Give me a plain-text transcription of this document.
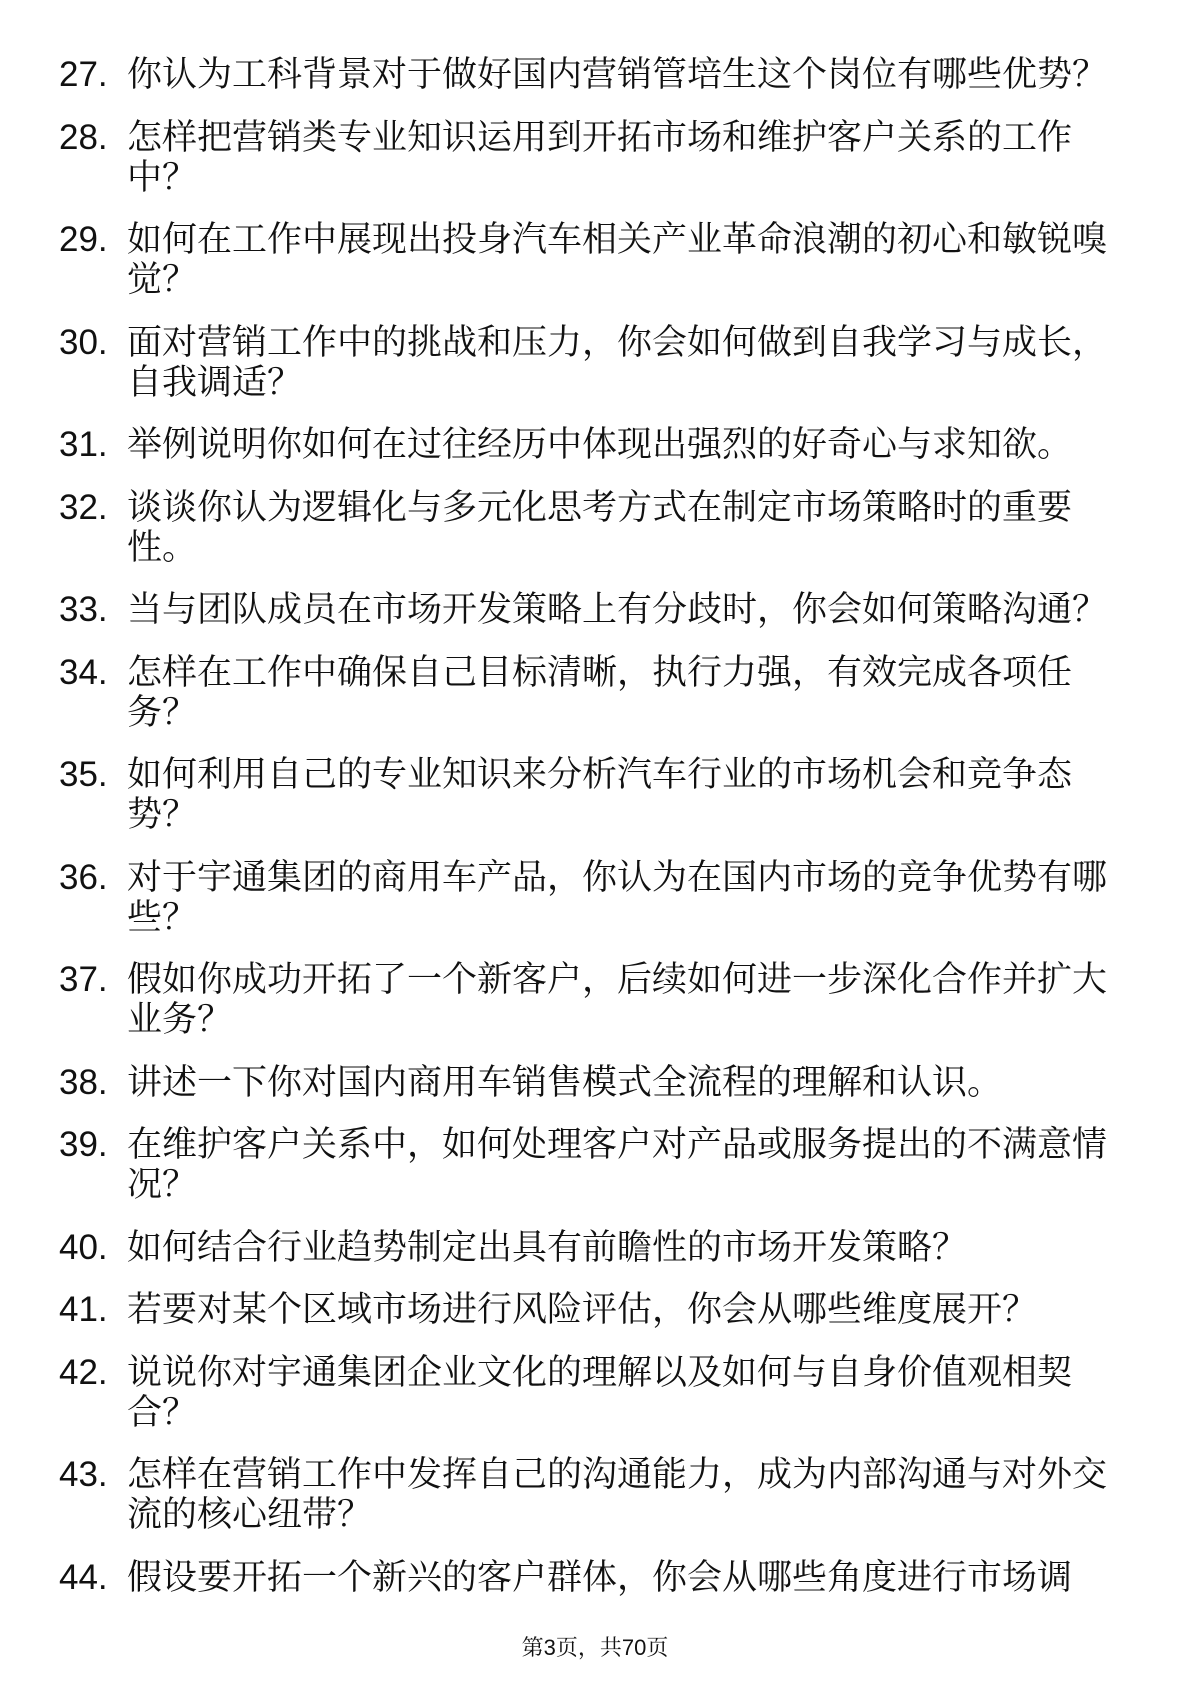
27. 你认为工科背景对于做好国内营销管培生这个岗位有哪些优势？
28. 怎样把营销类专业知识运用到开拓市场和维护客户关系的工作
中？
29. 如何在工作中展现出投身汽车相关产业革命浪潮的初心和敏锐嗅
觉？
30. 面对营销工作中的挑战和压力，你会如何做到自我学习与成长，
自我调适？
31. 举例说明你如何在过往经历中体现出强烈的好奇心与求知欲。
32. 谈谈你认为逻辑化与多元化思考方式在制定市场策略时的重要
性。
33. 当与团队成员在市场开发策略上有分歧时，你会如何策略沟通？
34. 怎样在工作中确保自己目标清晰，执行力强，有效完成各项任
务？
35. 如何利用自己的专业知识来分析汽车行业的市场机会和竞争态
势？
36. 对于宇通集团的商用车产品，你认为在国内市场的竞争优势有哪
些？
37. 假如你成功开拓了一个新客户，后续如何进一步深化合作并扩大
业务？
38. 讲述一下你对国内商用车销售模式全流程的理解和认识。
39. 在维护客户关系中，如何处理客户对产品或服务提出的不满意情
况？
40. 如何结合行业趋势制定出具有前瞻性的市场开发策略？
41. 若要对某个区域市场进行风险评估，你会从哪些维度展开？
42. 说说你对宇通集团企业文化的理解以及如何与自身价值观相契
合？
43. 怎样在营销工作中发挥自己的沟通能力，成为内部沟通与对外交
流的核心纽带？
44. 假设要开拓一个新兴的客户群体，你会从哪些角度进行市场调
第3页，共70页
